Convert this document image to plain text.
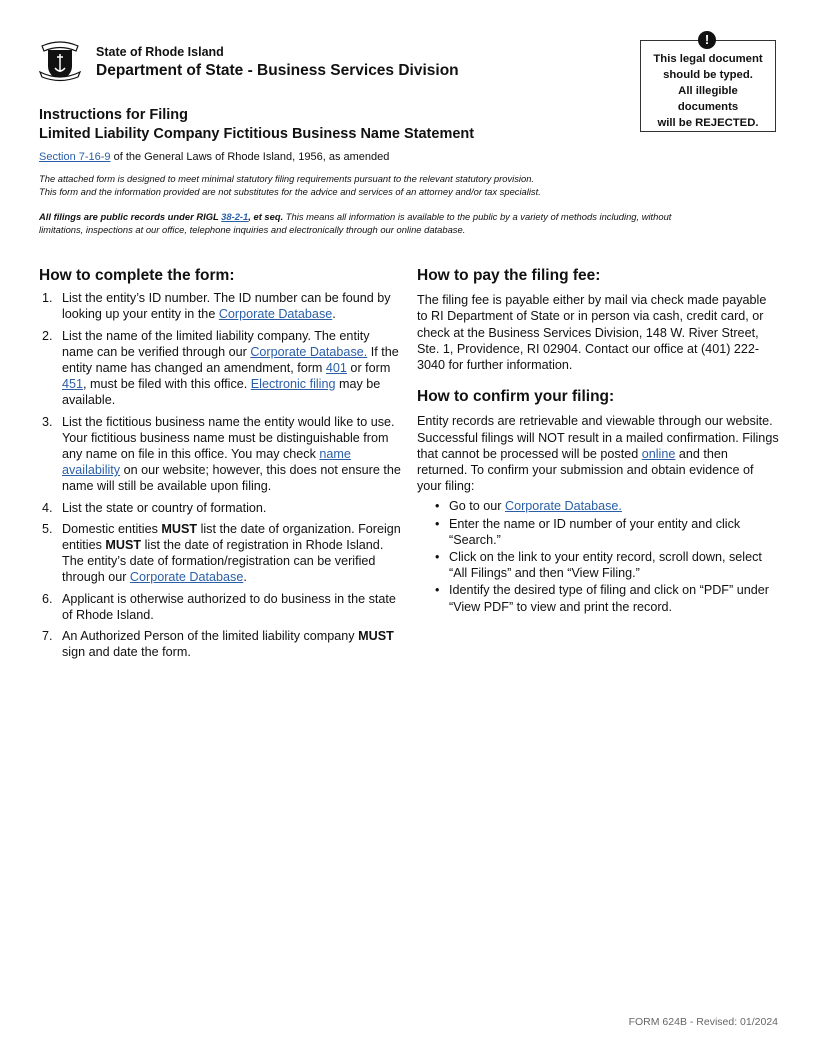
State of Rhode Island
Department of State - Business Services Division
This legal document
should be typed.
All illegible
documents
will be REJECTED.
!
Instructions for Filing
Limited Liability Company Fictitious Business Name Statement
Section 7-16-9 of the General Laws of Rhode Island, 1956, as amended
The attached form is designed to meet minimal statutory filing requirements pursuant to the relevant statutory provision.
This form and the information provided are not substitutes for the advice and services of an attorney and/or tax specialist.
All filings are public records under RIGL 38-2-1, et seq. This means all information is available to the public by a variety of methods including, without limitations, inspections at our office, telephone inquiries and electronically through our online database.
How to complete the form:
1. List the entity’s ID number. The ID number can be found by looking up your entity in the Corporate Database.
2. List the name of the limited liability company. The entity name can be verified through our Corporate Database. If the entity name has changed an amendment, form 401 or form 451, must be filed with this office. Electronic filing may be available.
3. List the fictitious business name the entity would like to use. Your fictitious business name must be distinguishable from any name on file in this office. You may check name availability on our website; however, this does not ensure the name will still be available upon filing.
4. List the state or country of formation.
5. Domestic entities MUST list the date of organization. Foreign entities MUST list the date of registration in Rhode Island. The entity’s date of formation/registration can be verified through our Corporate Database.
6. Applicant is otherwise authorized to do business in the state of Rhode Island.
7. An Authorized Person of the limited liability company MUST sign and date the form.
How to pay the filing fee:

The filing fee is payable either by mail via check made payable to RI Department of State or in person via cash, credit card, or check at the Business Services Division, 148 W. River Street, Ste. 1, Providence, RI 02904. Contact our office at (401) 222-3040 for further information.

How to confirm your filing:

Entity records are retrievable and viewable through our website. Successful filings will NOT result in a mailed confirmation. Filings that cannot be processed will be posted online and then returned. To confirm your submission and obtain evidence of your filing:

• Go to our Corporate Database.
• Enter the name or ID number of your entity and click “Search.”
• Click on the link to your entity record, scroll down, select “All Filings” and then “View Filing.”
• Identify the desired type of filing and click on “PDF” under “View PDF” to view and print the record.
FORM 624B - Revised: 01/2024
